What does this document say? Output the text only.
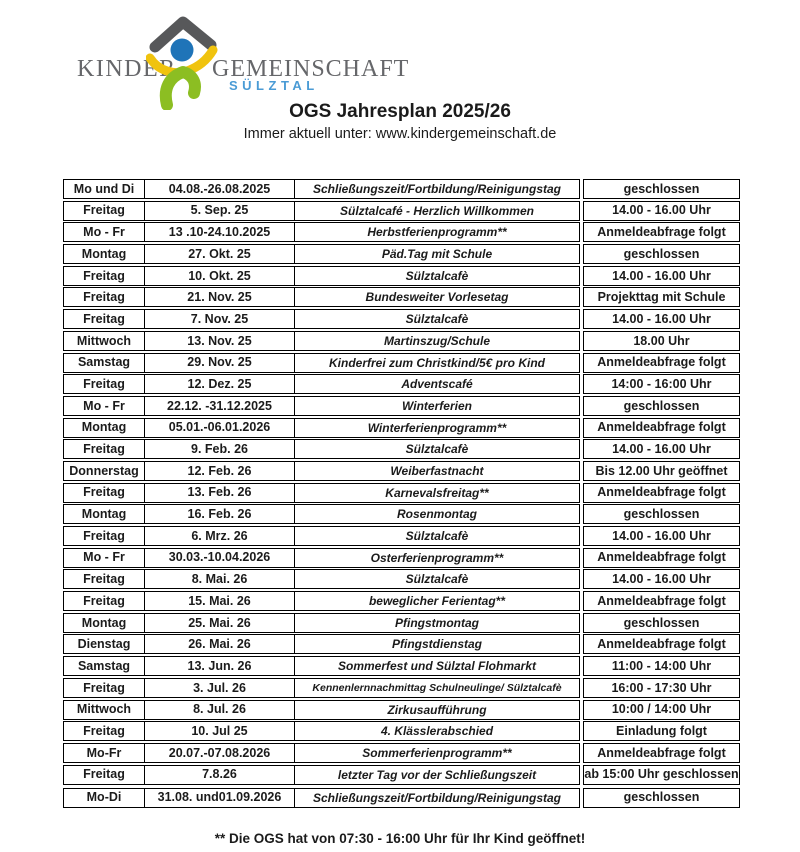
KINDER GEMEINSCHAFT
SÜLZTAL
OGS Jahresplan 2025/26
Immer aktuell unter: www.kindergemeinschaft.de
Mo und Di	04.08.-26.08.2025	Schließungszeit/Fortbildung/Reinigungstag	geschlossen
Freitag	5. Sep. 25	Sülztalcafé - Herzlich Willkommen	14.00 - 16.00 Uhr
Mo - Fr	13 .10-24.10.2025	Herbstferienprogramm**	Anmeldeabfrage folgt
Montag	27. Okt. 25	Päd.Tag mit Schule	geschlossen
Freitag	10. Okt. 25	Sülztalcafè	14.00 - 16.00 Uhr
Freitag	21. Nov. 25	Bundesweiter Vorlesetag	Projekttag mit Schule
Freitag	7. Nov. 25	Sülztalcafè	14.00 - 16.00 Uhr
Mittwoch	13. Nov. 25	Martinszug/Schule	18.00 Uhr
Samstag	29. Nov. 25	Kinderfrei zum Christkind/5€ pro Kind	Anmeldeabfrage folgt
Freitag	12. Dez. 25	Adventscafé	14:00 - 16:00 Uhr
Mo - Fr	22.12. -31.12.2025	Winterferien	geschlossen
Montag	05.01.-06.01.2026	Winterferienprogramm**	Anmeldeabfrage folgt
Freitag	9. Feb. 26	Sülztalcafè	14.00 - 16.00 Uhr
Donnerstag	12. Feb. 26	Weiberfastnacht	Bis 12.00 Uhr geöffnet
Freitag	13. Feb. 26	Karnevalsfreitag**	Anmeldeabfrage folgt
Montag	16. Feb. 26	Rosenmontag	geschlossen
Freitag	6. Mrz. 26	Sülztalcafè	14.00 - 16.00 Uhr
Mo - Fr	30.03.-10.04.2026	Osterferienprogramm**	Anmeldeabfrage folgt
Freitag	8. Mai. 26	Sülztalcafè	14.00 - 16.00 Uhr
Freitag	15. Mai. 26	beweglicher Ferientag**	Anmeldeabfrage folgt
Montag	25. Mai. 26	Pfingstmontag	geschlossen
Dienstag	26. Mai. 26	Pfingstdienstag	Anmeldeabfrage folgt
Samstag	13. Jun. 26	Sommerfest und Sülztal Flohmarkt	11:00 - 14:00 Uhr
Freitag	3. Jul. 26	Kennenlernnachmittag Schulneulinge/ Sülztalcafè	16:00 - 17:30 Uhr
Mittwoch	8. Jul. 26	Zirkusaufführung	10:00 / 14:00 Uhr
Freitag	10. Jul 25	4. Klässlerabschied	Einladung folgt
Mo-Fr	20.07.-07.08.2026	Sommerferienprogramm**	Anmeldeabfrage folgt
Freitag	7.8.26	letzter Tag vor der Schließungszeit	ab 15:00 Uhr geschlossen
Mo-Di	31.08. und01.09.2026	Schließungszeit/Fortbildung/Reinigungstag	geschlossen
** Die OGS hat von 07:30 - 16:00 Uhr für Ihr Kind geöffnet!
